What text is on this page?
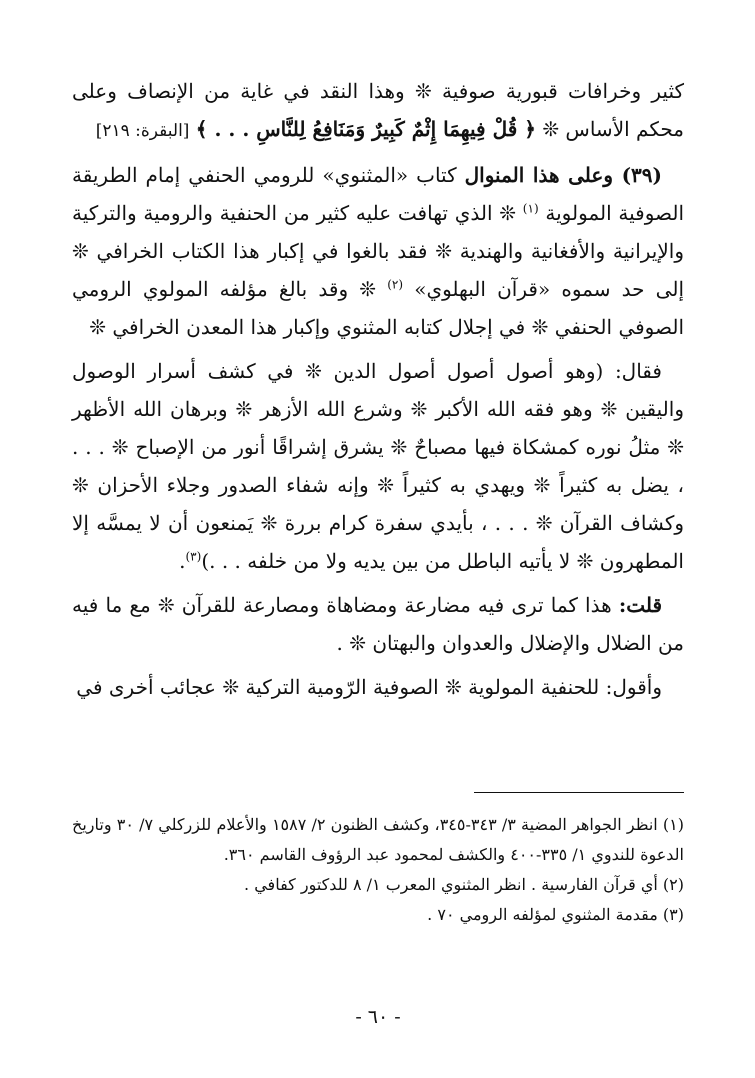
كثير وخرافات قبورية صوفية ❊ وهذا النقد في غاية من الإنصاف وعلى محكم الأساس ❊ ﴿ قُلْ فِيهِمَا إِثْمٌ كَبِيرٌ وَمَنَافِعُ لِلنَّاسِ . . . ﴾ [البقرة: ٢١٩]

(٣٩) وعلى هذا المنوال كتاب «المثنوي» للرومي الحنفي إمام الطريقة الصوفية المولوية $^{(١)}$ ❊ الذي تهافت عليه كثير من الحنفية والرومية والتركية والإيرانية والأفغانية والهندية ❊ فقد بالغوا في إكبار هذا الكتاب الخرافي ❊ إلى حد سموه «قرآن البهلوي» $^{(٢)}$ ❊ وقد بالغ مؤلفه المولوي الرومي الصوفي الحنفي ❊ في إجلال كتابه المثنوي وإكبار هذا المعدن الخرافي ❊

فقال: (وهو أصول أصول أصول الدين ❊ في كشف أسرار الوصول واليقين ❊ وهو فقه الله الأكبر ❊ وشرع الله الأزهر ❊ وبرهان الله الأظهر ❊ مثلُ نوره كمشكاة فيها مصباحٌ ❊ يشرق إشراقًا أنور من الإصباح ❊ . . . ، يضل به كثيراً ❊ ويهدي به كثيراً ❊ وإنه شفاء الصدور وجلاء الأحزان ❊ وكشاف القرآن ❊ . . . ، بأيدي سفرة كرام بررة ❊ يَمنعون أن لا يمسَّه إلا المطهرون ❊ لا يأتيه الباطل من بين يديه ولا من خلفه . . .)$^{(٣)}$.

قلت: هذا كما ترى فيه مضارعة ومضاهاة ومصارعة للقرآن ❊ مع ما فيه من الضلال والإضلال والعدوان والبهتان ❊ .

وأقول: للحنفية المولوية ❊ الصوفية الرّومية التركية ❊ عجائب أخرى في

(١) انظر الجواهر المضية ٣/ ٣٤٣-٣٤٥، وكشف الظنون ٢/ ١٥٨٧ والأعلام للزركلي ٧/ ٣٠ وتاريخ الدعوة للندوي ١/ ٣٣٥-٤٠٠ والكشف لمحمود عبد الرؤوف القاسم ٣٦٠.

(٢) أي قرآن الفارسية . انظر المثنوي المعرب ١/ ٨ للدكتور كفافي .

(٣) مقدمة المثنوي لمؤلفه الرومي ٧٠ .

- ٦٠ -
